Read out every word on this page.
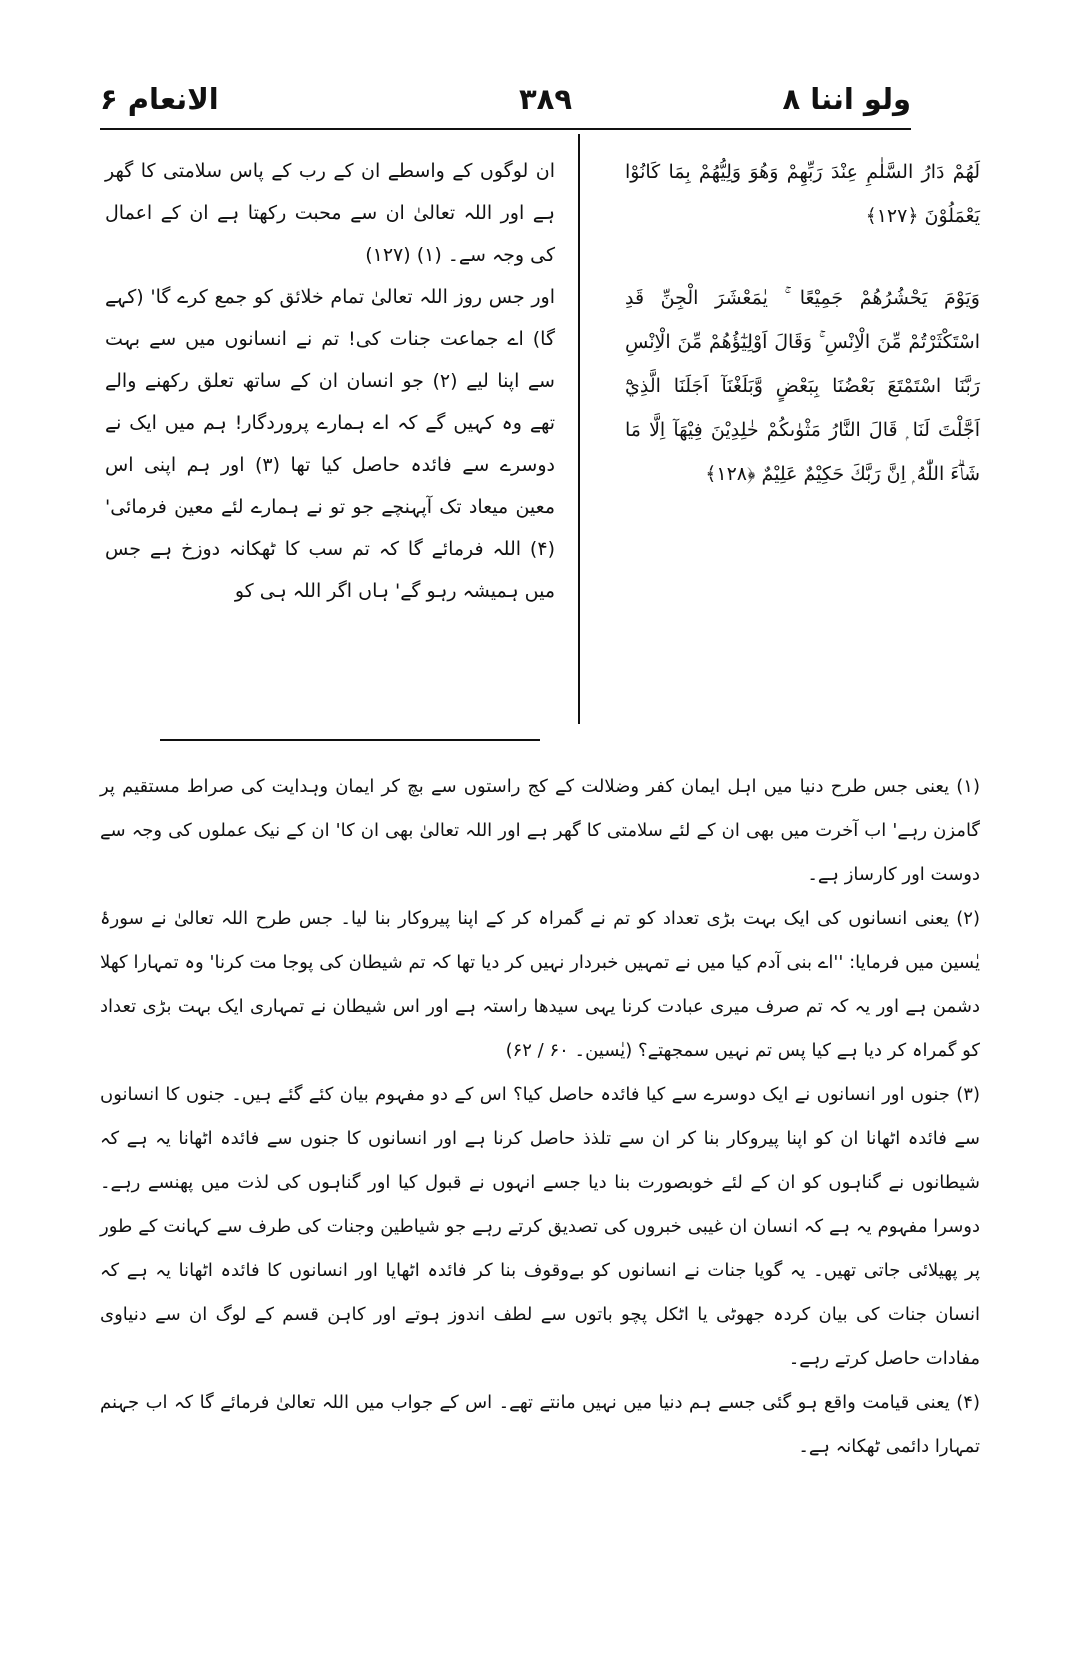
ولو اننا ۸
۳۸۹
الانعام ۶

لَهُمْ دَارُ السَّلٰمِ عِنْدَ رَبِّهِمْ وَهُوَ وَلِيُّهُمْ بِمَا كَانُوْا يَعْمَلُوْنَ ﴿۱۲۷﴾

وَيَوْمَ يَحْشُرُهُمْ جَمِيْعًا ۚ يٰمَعْشَرَ الْجِنِّ قَدِ اسْتَكْثَرْتُمْ مِّنَ الْاِنْسِ ۚ وَقَالَ اَوْلِيٰٓؤُهُمْ مِّنَ الْاِنْسِ رَبَّنَا اسْتَمْتَعَ بَعْضُنَا بِبَعْضٍ وَّبَلَغْنَآ اَجَلَنَا الَّذِيْٓ اَجَّلْتَ لَنَا ۭ قَالَ النَّارُ مَثْوٰىكُمْ خٰلِدِيْنَ فِيْهَآ اِلَّا مَا شَاۗءَ اللّٰهُ ۭ اِنَّ رَبَّكَ حَكِيْمٌ عَلِيْمٌ ﴿۱۲۸﴾

ان لوگوں کے واسطے ان کے رب کے پاس سلامتی کا گھر ہے اور اللہ تعالیٰ ان سے محبت رکھتا ہے ان کے اعمال کی وجہ سے۔ (۱) (۱۲۷)

اور جس روز اللہ تعالیٰ تمام خلائق کو جمع کرے گا' (کہے گا) اے جماعت جنات کی! تم نے انسانوں میں سے بہت سے اپنا لیے (۲) جو انسان ان کے ساتھ تعلق رکھنے والے تھے وہ کہیں گے کہ اے ہمارے پروردگار! ہم میں ایک نے دوسرے سے فائدہ حاصل کیا تھا (۳) اور ہم اپنی اس معین میعاد تک آپہنچے جو تو نے ہمارے لئے معین فرمائی' (۴) اللہ فرمائے گا کہ تم سب کا ٹھکانہ دوزخ ہے جس میں ہمیشہ رہو گے' ہاں اگر اللہ ہی کو

(۱) یعنی جس طرح دنیا میں اہل ایمان کفر وضلالت کے کج راستوں سے بچ کر ایمان وہدایت کی صراط مستقیم پر گامزن رہے' اب آخرت میں بھی ان کے لئے سلامتی کا گھر ہے اور اللہ تعالیٰ بھی ان کا' ان کے نیک عملوں کی وجہ سے دوست اور کارساز ہے۔

(۲) یعنی انسانوں کی ایک بہت بڑی تعداد کو تم نے گمراہ کر کے اپنا پیروکار بنا لیا۔ جس طرح اللہ تعالیٰ نے سورۂ یٰسین میں فرمایا: ''اے بنی آدم کیا میں نے تمہیں خبردار نہیں کر دیا تھا کہ تم شیطان کی پوجا مت کرنا' وہ تمہارا کھلا دشمن ہے اور یہ کہ تم صرف میری عبادت کرنا یہی سیدھا راستہ ہے اور اس شیطان نے تمہاری ایک بہت بڑی تعداد کو گمراہ کر دیا ہے کیا پس تم نہیں سمجھتے؟ (یٰسین۔ ۶۰ / ۶۲)

(۳) جنوں اور انسانوں نے ایک دوسرے سے کیا فائدہ حاصل کیا؟ اس کے دو مفہوم بیان کئے گئے ہیں۔ جنوں کا انسانوں سے فائدہ اٹھانا ان کو اپنا پیروکار بنا کر ان سے تلذذ حاصل کرنا ہے اور انسانوں کا جنوں سے فائدہ اٹھانا یہ ہے کہ شیطانوں نے گناہوں کو ان کے لئے خوبصورت بنا دیا جسے انہوں نے قبول کیا اور گناہوں کی لذت میں پھنسے رہے۔ دوسرا مفہوم یہ ہے کہ انسان ان غیبی خبروں کی تصدیق کرتے رہے جو شیاطین وجنات کی طرف سے کہانت کے طور پر پھیلائی جاتی تھیں۔ یہ گویا جنات نے انسانوں کو بےوقوف بنا کر فائدہ اٹھایا اور انسانوں کا فائدہ اٹھانا یہ ہے کہ انسان جنات کی بیان کردہ جھوٹی یا اٹکل پچو باتوں سے لطف اندوز ہوتے اور کاہن قسم کے لوگ ان سے دنیاوی مفادات حاصل کرتے رہے۔

(۴) یعنی قیامت واقع ہو گئی جسے ہم دنیا میں نہیں مانتے تھے۔ اس کے جواب میں اللہ تعالیٰ فرمائے گا کہ اب جہنم تمہارا دائمی ٹھکانہ ہے۔
